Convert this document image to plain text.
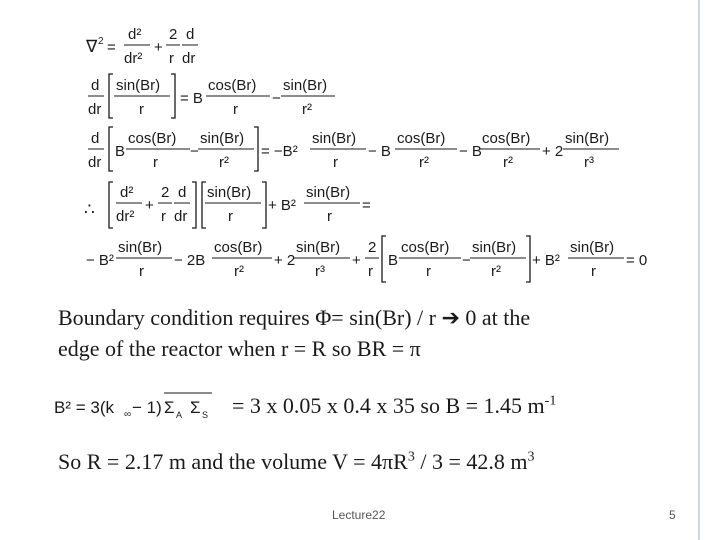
∇ 2 =
d²
dr²
+
2
r
d
dr
d
dr
sin(Br)
r
= B
cos(Br)
r
−
sin(Br)
r²
d
dr
B
cos(Br)
r
−
sin(Br)
r²
= −B²
sin(Br)
r
− B
cos(Br)
r²
− B
cos(Br)
r²
+ 2
sin(Br)
r³
∴
d²
dr²
+
2
r
d
dr
sin(Br)
r
+ B²
sin(Br)
r
=
− B²
sin(Br)
r
− 2B
cos(Br)
r²
+ 2
sin(Br)
r³
+
2
r
B
cos(Br)
r
−
sin(Br)
r²
+ B²
sin(Br)
r
= 0
Boundary condition requires Φ= sin(Br) / r ➔ 0 at the
edge of the reactor when r = R so BR = π
B² = 3(k ∞ − 1) Σ A Σ S = 3 x 0.05 x 0.4 x 35 so B = 1.45 $m^{-1}$
So R = 2.17 m and the volume $V = 4\pi R^3 / 3 = 42.8$ $m^3$
Lecture22	5
